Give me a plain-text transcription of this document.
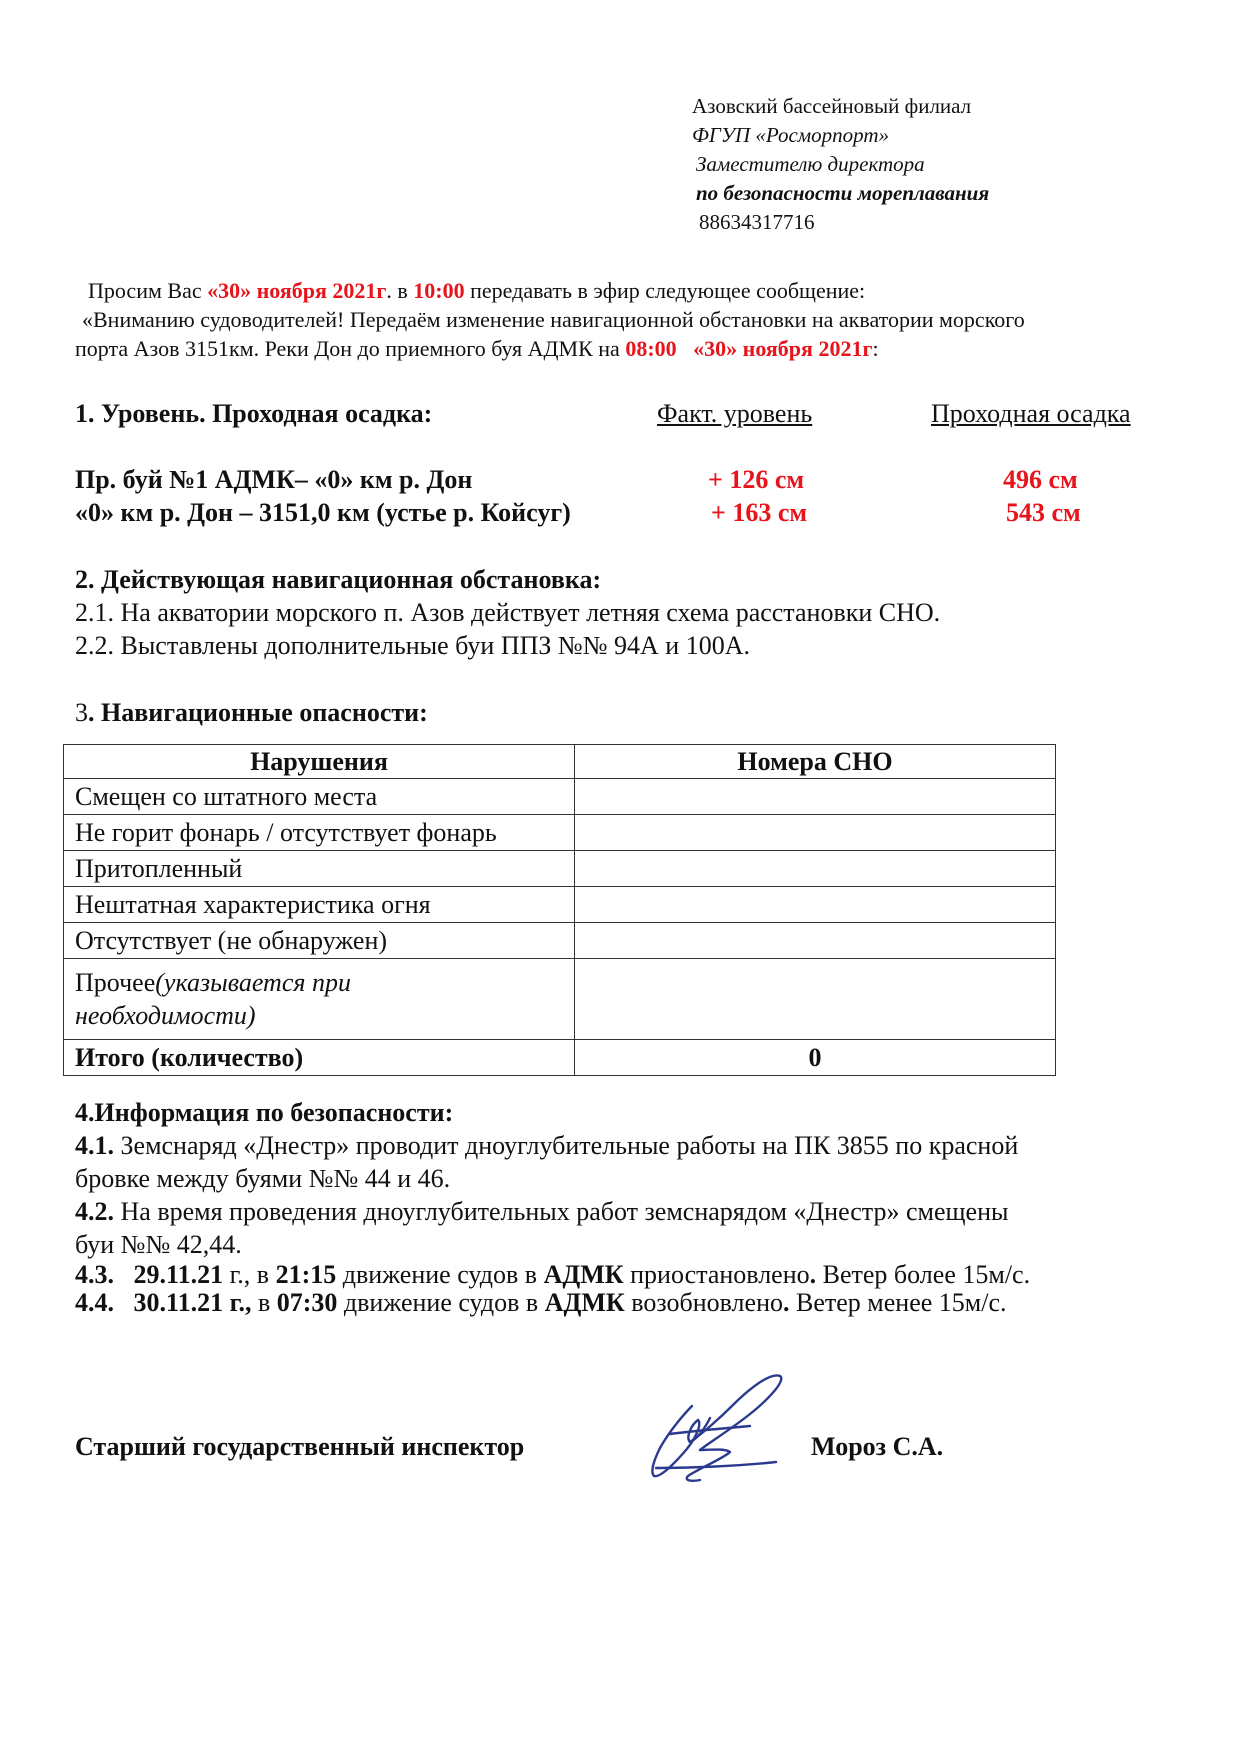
Азовский бассейновый филиал
ФГУП «Росморпорт»
Заместителю директора
по безопасности мореплавания
88634317716
Просим Вас «30» ноября 2021г. в 10:00 передавать в эфир следующее сообщение:
«Вниманию судоводителей! Передаём изменение навигационной обстановки на акватории морского
порта Азов 3151км. Реки Дон до приемного буя АДМК на 08:00 «30» ноября 2021г:
1. Уровень. Проходная осадка:	Факт. уровень	Проходная осадка
Пр. буй №1 АДМК– «0» км р. Дон	+ 126 см	496 см
«0» км р. Дон – 3151,0 км (устье р. Койсуг)	+ 163 см	543 см
2. Действующая навигационная обстановка:
2.1. На акватории морского п. Азов действует летняя схема расстановки СНО.
2.2. Выставлены дополнительные буи ППЗ №№ 94А и 100А.
3. Навигационные опасности:
Нарушения	Номера СНО
Смещен со штатного места	
Не горит фонарь / отсутствует фонарь	
Притопленный	
Нештатная характеристика огня	
Отсутствует (не обнаружен)	
Прочее(указывается при
необходимости)	
Итого (количество)	0
4.Информация по безопасности:
4.1. Земснаряд «Днестр» проводит дноуглубительные работы на ПК 3855 по красной
бровке между буями №№ 44 и 46.
4.2. На время проведения дноуглубительных работ земснарядом «Днестр» смещены
буи №№ 42,44.
4.3. 29.11.21 г., в 21:15 движение судов в АДМК приостановлено. Ветер более 15м/с.
4.4. 30.11.21 г., в 07:30 движение судов в АДМК возобновлено. Ветер менее 15м/с.
Старший государственный инспектор	Мороз С.А.
